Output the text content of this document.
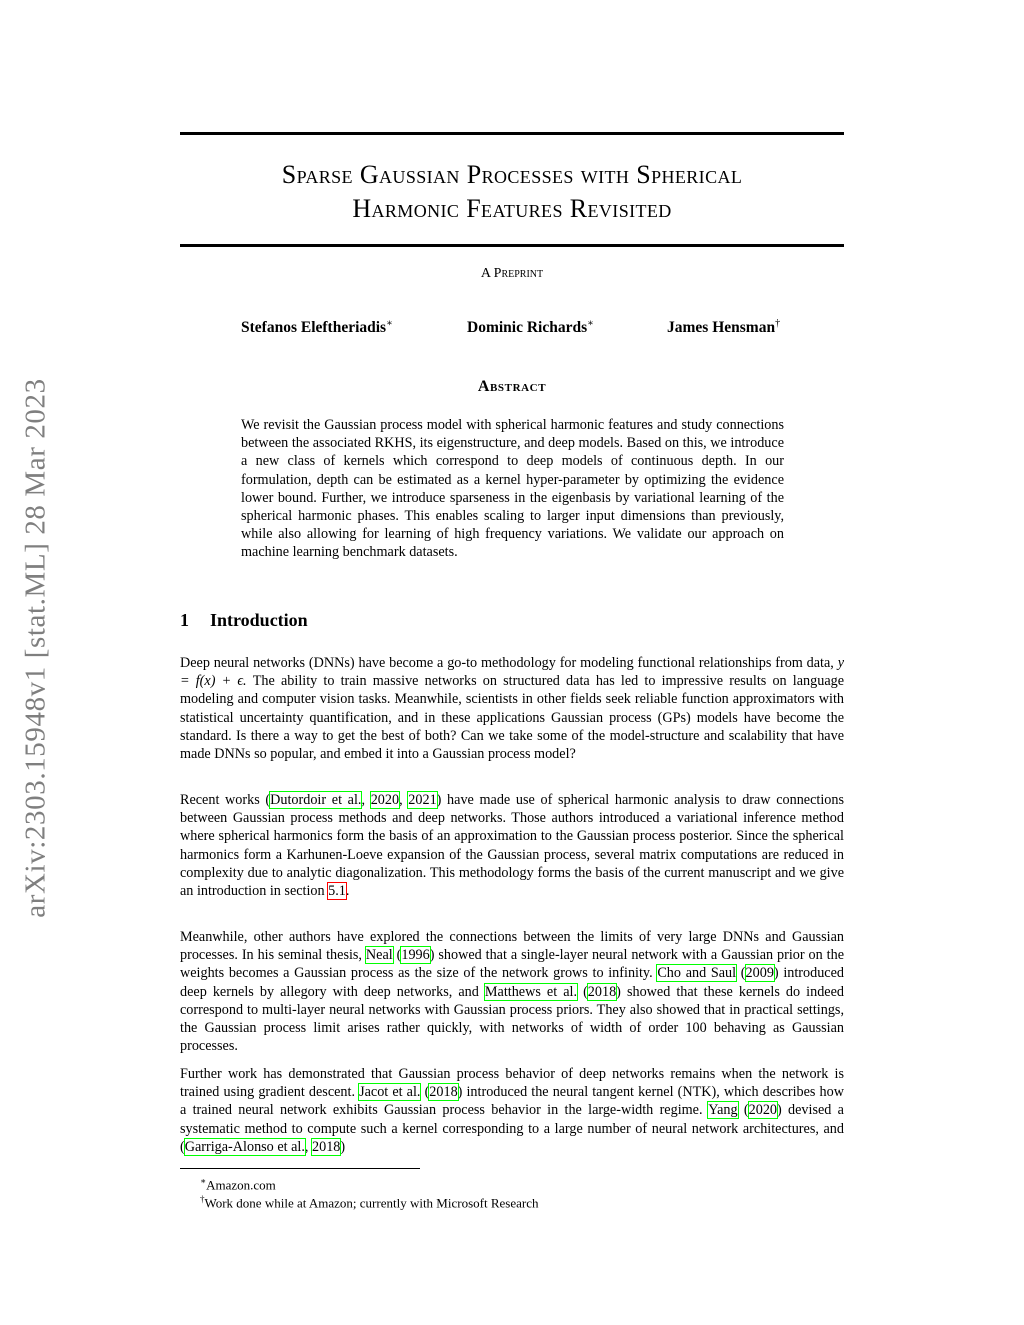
arXiv:2303.15948v1 [stat.ML] 28 Mar 2023
Sparse Gaussian Processes with Spherical
Harmonic Features Revisited
A Preprint
Stefanos Eleftheriadis∗	Dominic Richards∗	James Hensman†
Abstract
We revisit the Gaussian process model with spherical harmonic features and study connections between the associated RKHS, its eigenstructure, and deep models. Based on this, we introduce a new class of kernels which correspond to deep models of continuous depth. In our formulation, depth can be estimated as a kernel hyper-parameter by optimizing the evidence lower bound. Further, we introduce sparseness in the eigenbasis by variational learning of the spherical harmonic phases. This enables scaling to larger input dimensions than previously, while also allowing for learning of high frequency variations. We validate our approach on machine learning benchmark datasets.
1 Introduction
Deep neural networks (DNNs) have become a go-to methodology for modeling functional relationships from data, y = f(x) + ϵ. The ability to train massive networks on structured data has led to impressive results on language modeling and computer vision tasks. Meanwhile, scientists in other fields seek reliable function approximators with statistical uncertainty quantification, and in these applications Gaussian process (GPs) models have become the standard. Is there a way to get the best of both? Can we take some of the model-structure and scalability that have made DNNs so popular, and embed it into a Gaussian process model?
Recent works (Dutordoir et al., 2020, 2021) have made use of spherical harmonic analysis to draw connections between Gaussian process methods and deep networks. Those authors introduced a variational inference method where spherical harmonics form the basis of an approximation to the Gaussian process posterior. Since the spherical harmonics form a Karhunen-Loeve expansion of the Gaussian process, several matrix computations are reduced in complexity due to analytic diagonalization. This methodology forms the basis of the current manuscript and we give an introduction in section 5.1.
Meanwhile, other authors have explored the connections between the limits of very large DNNs and Gaussian processes. In his seminal thesis, Neal (1996) showed that a single-layer neural network with a Gaussian prior on the weights becomes a Gaussian process as the size of the network grows to infinity. Cho and Saul (2009) introduced deep kernels by allegory with deep networks, and Matthews et al. (2018) showed that these kernels do indeed correspond to multi-layer neural networks with Gaussian process priors. They also showed that in practical settings, the Gaussian process limit arises rather quickly, with networks of width of order 100 behaving as Gaussian processes.
Further work has demonstrated that Gaussian process behavior of deep networks remains when the network is trained using gradient descent. Jacot et al. (2018) introduced the neural tangent kernel (NTK), which describes how a trained neural network exhibits Gaussian process behavior in the large-width regime. Yang (2020) devised a systematic method to compute such a kernel corresponding to a large number of neural network architectures, and (Garriga-Alonso et al., 2018)
∗Amazon.com
†Work done while at Amazon; currently with Microsoft Research
